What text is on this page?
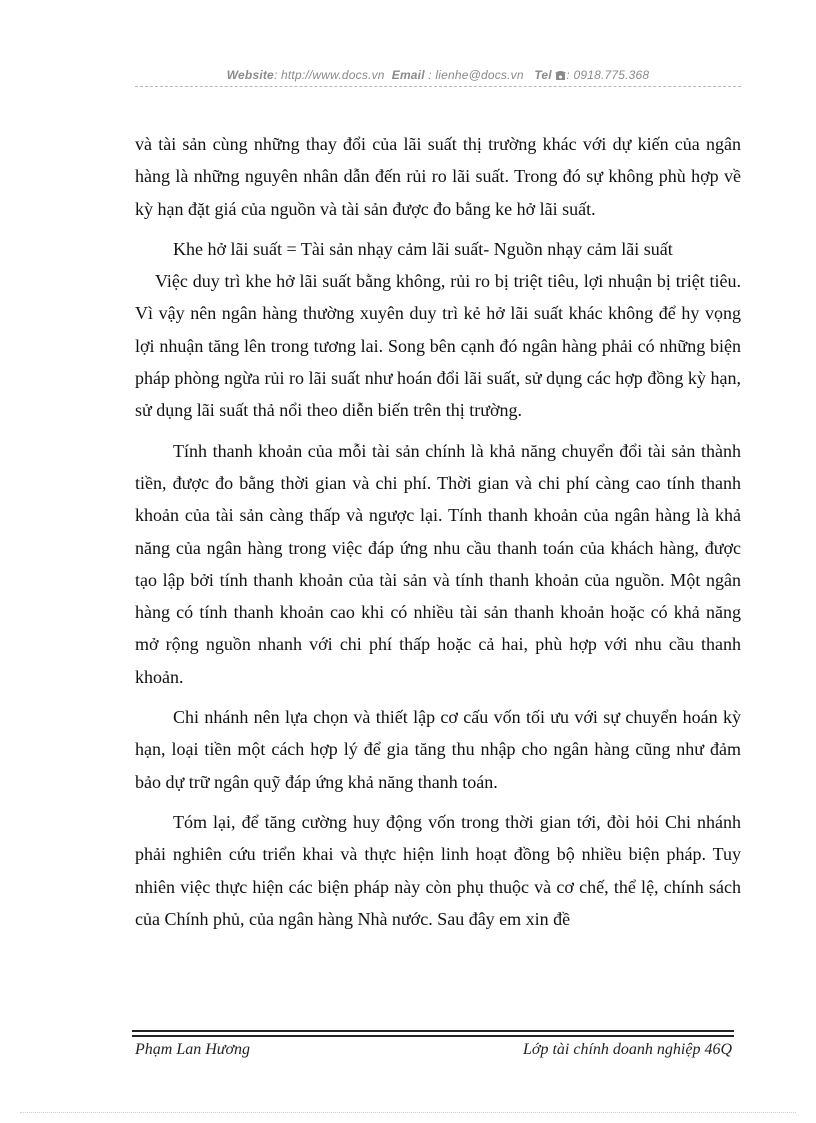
Website: http://www.docs.vn Email : lienhe@docs.vn Tel : 0918.775.368

và tài sản cùng những thay đổi của lãi suất thị trường khác với dự kiến của ngân hàng là những nguyên nhân dẫn đến rủi ro lãi suất. Trong đó sự không phù hợp về kỳ hạn đặt giá của nguồn và tài sản được đo bằng ke hở lãi suất.

Khe hở lãi suất = Tài sản nhạy cảm lãi suất- Nguồn nhạy cảm lãi suất

Việc duy trì khe hở lãi suất bằng không, rủi ro bị triệt tiêu, lợi nhuận bị triệt tiêu. Vì vậy nên ngân hàng thường xuyên duy trì kẻ hở lãi suất khác không để hy vọng lợi nhuận tăng lên trong tương lai. Song bên cạnh đó ngân hàng phải có những biện pháp phòng ngừa rủi ro lãi suất như hoán đổi lãi suất, sử dụng các hợp đồng kỳ hạn, sử dụng lãi suất thả nổi theo diễn biến trên thị trường.

Tính thanh khoản của mỗi tài sản chính là khả năng chuyển đổi tài sản thành tiền, được đo bằng thời gian và chi phí. Thời gian và chi phí càng cao tính thanh khoản của tài sản càng thấp và ngược lại. Tính thanh khoản của ngân hàng là khả năng của ngân hàng trong việc đáp ứng nhu cầu thanh toán của khách hàng, được tạo lập bởi tính thanh khoản của tài sản và tính thanh khoản của nguồn. Một ngân hàng có tính thanh khoản cao khi có nhiều tài sản thanh khoản hoặc có khả năng mở rộng nguồn nhanh với chi phí thấp hoặc cả hai, phù hợp với nhu cầu thanh khoản.

Chi nhánh nên lựa chọn và thiết lập cơ cấu vốn tối ưu với sự chuyển hoán kỳ hạn, loại tiền một cách hợp lý để gia tăng thu nhập cho ngân hàng cũng như đảm bảo dự trữ ngân quỹ đáp ứng khả năng thanh toán.

Tóm lại, để tăng cường huy động vốn trong thời gian tới, đòi hỏi Chi nhánh phải nghiên cứu triển khai và thực hiện linh hoạt đồng bộ nhiều biện pháp. Tuy nhiên việc thực hiện các biện pháp này còn phụ thuộc và cơ chế, thể lệ, chính sách của Chính phủ, của ngân hàng Nhà nước. Sau đây em xin đề

Phạm Lan Hương	Lớp tài chính doanh nghiệp 46Q
